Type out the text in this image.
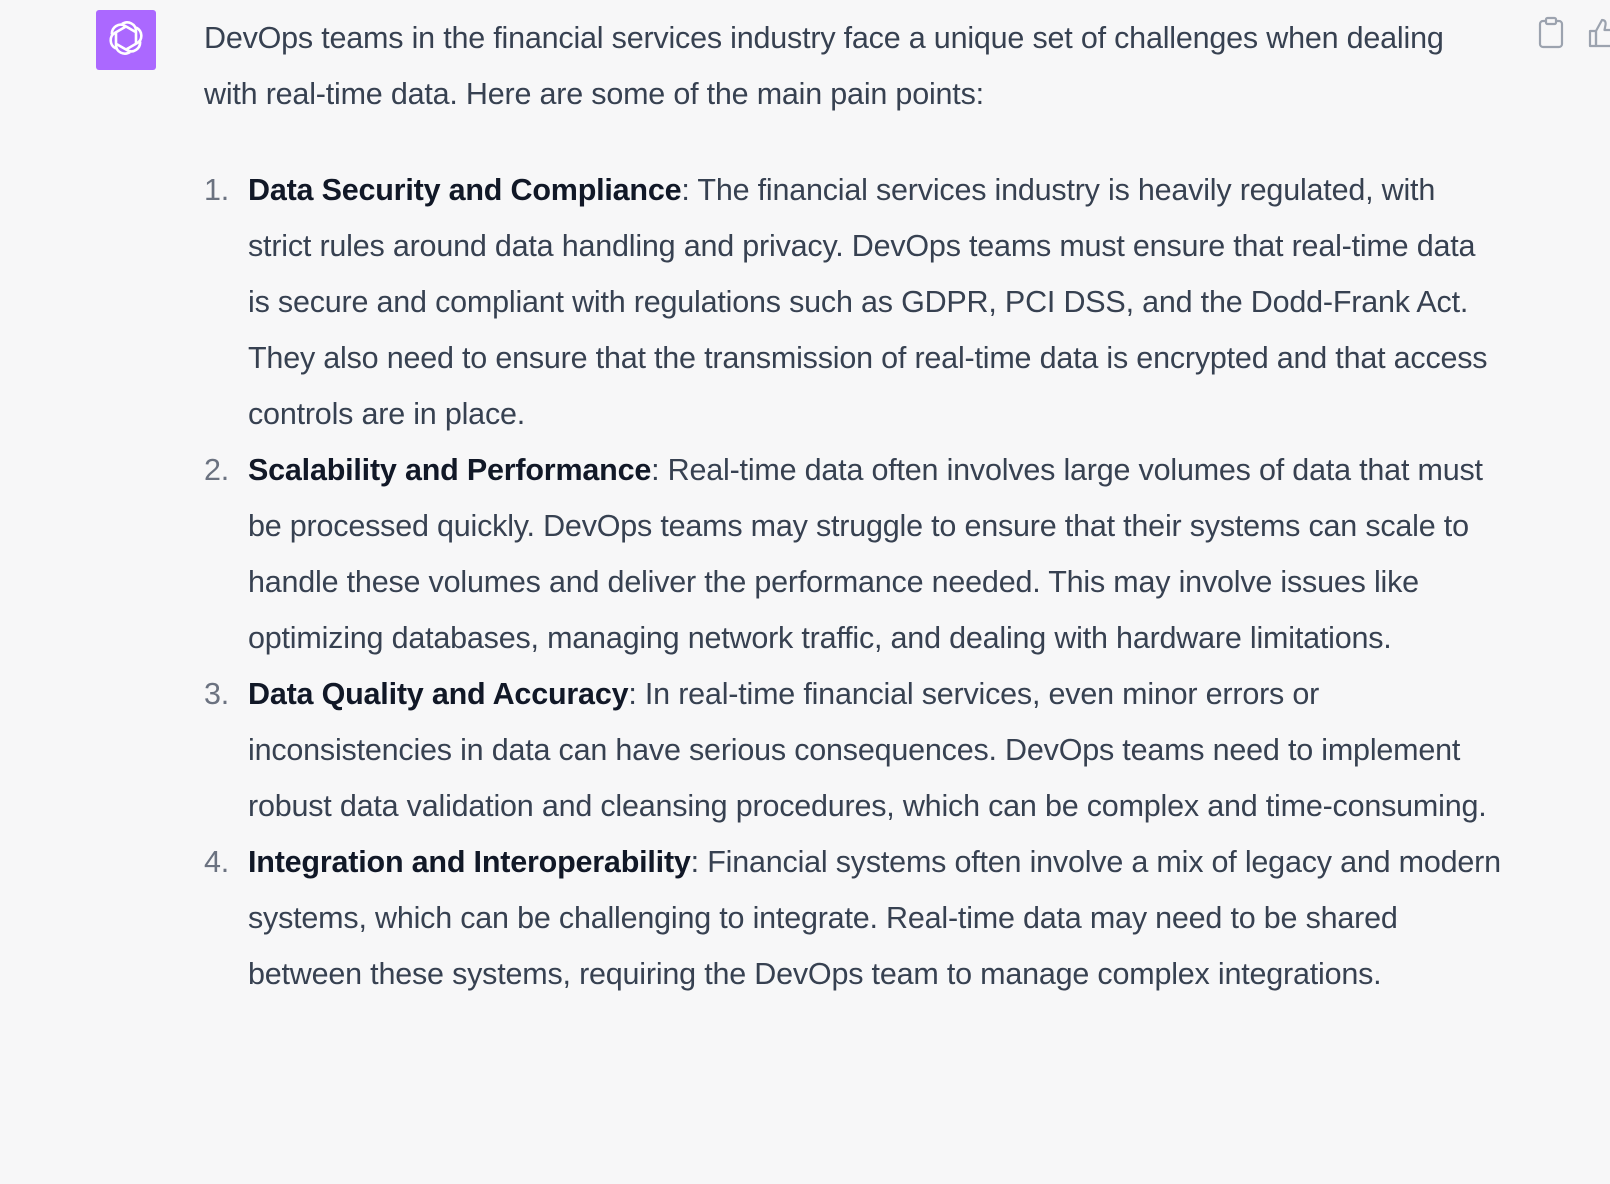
DevOps teams in the financial services industry face a unique set of challenges when dealing with real-time data. Here are some of the main pain points:

1. Data Security and Compliance: The financial services industry is heavily regulated, with strict rules around data handling and privacy. DevOps teams must ensure that real-time data is secure and compliant with regulations such as GDPR, PCI DSS, and the Dodd-Frank Act. They also need to ensure that the transmission of real-time data is encrypted and that access controls are in place.
2. Scalability and Performance: Real-time data often involves large volumes of data that must be processed quickly. DevOps teams may struggle to ensure that their systems can scale to handle these volumes and deliver the performance needed. This may involve issues like optimizing databases, managing network traffic, and dealing with hardware limitations.
3. Data Quality and Accuracy: In real-time financial services, even minor errors or inconsistencies in data can have serious consequences. DevOps teams need to implement robust data validation and cleansing procedures, which can be complex and time-consuming.
4. Integration and Interoperability: Financial systems often involve a mix of legacy and modern systems, which can be challenging to integrate. Real-time data may need to be shared between these systems, requiring the DevOps team to manage complex integrations.
